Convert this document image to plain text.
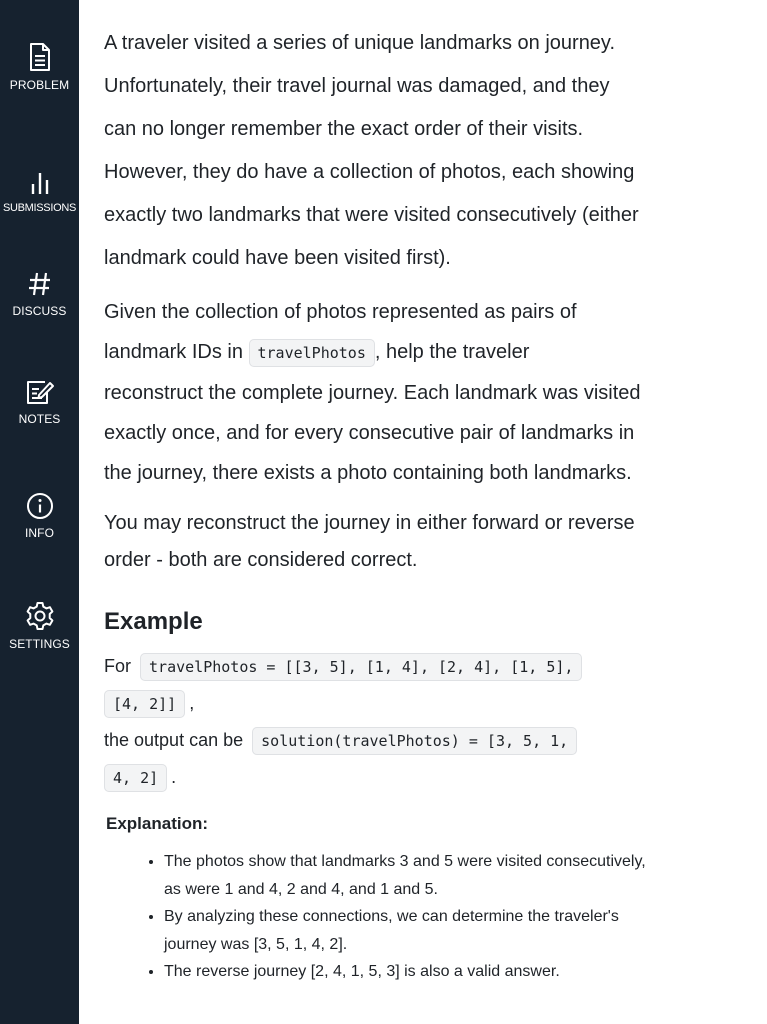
PROBLEM
SUBMISSIONS
DISCUSS
NOTES
INFO
SETTINGS

A traveler visited a series of unique landmarks on journey.

Unfortunately, their travel journal was damaged, and they

can no longer remember the exact order of their visits.

However, they do have a collection of photos, each showing

exactly two landmarks that were visited consecutively (either

landmark could have been visited first).

Given the collection of photos represented as pairs of

landmark IDs in travelPhotos , help the traveler

reconstruct the complete journey. Each landmark was visited

exactly once, and for every consecutive pair of landmarks in

the journey, there exists a photo containing both landmarks.

You may reconstruct the journey in either forward or reverse

order - both are considered correct.

Example
For travelPhotos = [[3, 5], [1, 4], [2, 4], [1, 5],
[4, 2]] ,
the output can be solution(travelPhotos) = [3, 5, 1,
4, 2] .
Explanation:
• The photos show that landmarks 3 and 5 were visited consecutively, as were 1 and 4, 2 and 4, and 1 and 5.
• By analyzing these connections, we can determine the traveler's journey was [3, 5, 1, 4, 2].
• The reverse journey [2, 4, 1, 5, 3] is also a valid answer.
